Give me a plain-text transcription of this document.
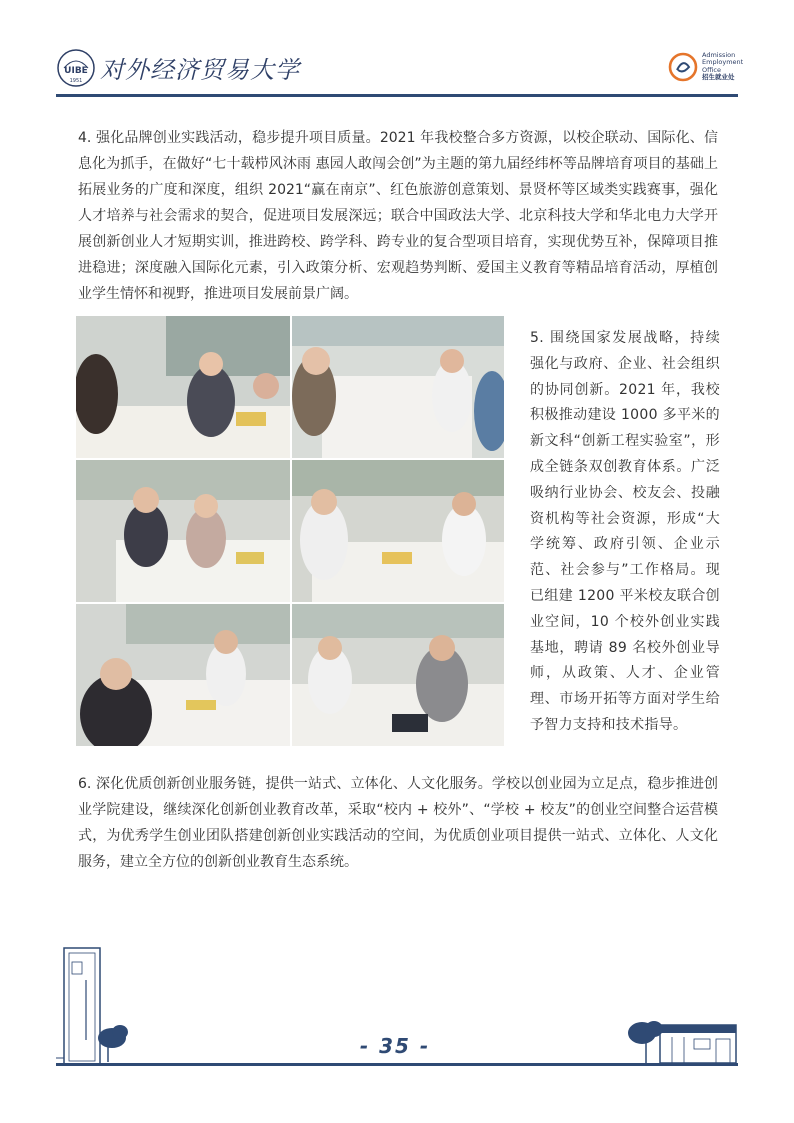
UIBE
1951 对外经济贸易大学
Admission
Employment
Office
招生就业处
4. 强化品牌创业实践活动，稳步提升项目质量。2021 年我校整合多方资源，以校企联动、国际化、信息化为抓手，在做好“七十载栉风沐雨 惠园人敢闯会创”为主题的第九届经纬杯等品牌培育项目的基础上拓展业务的广度和深度，组织 2021“赢在南京”、红色旅游创意策划、景贤杯等区域类实践赛事，强化人才培养与社会需求的契合，促进项目发展深远；联合中国政法大学、北京科技大学和华北电力大学开展创新创业人才短期实训，推进跨校、跨学科、跨专业的复合型项目培育，实现优势互补，保障项目推进稳进；深度融入国际化元素，引入政策分析、宏观趋势判断、爱国主义教育等精品培育活动，厚植创业学生情怀和视野，推进项目发展前景广阔。
5. 围绕国家发展战略，持续强化与政府、企业、社会组织的协同创新。2021 年，我校积极推动建设 1000 多平米的新文科“创新工程实验室”，形成全链条双创教育体系。广泛吸纳行业协会、校友会、投融资机构等社会资源，形成“大学统筹、政府引领、企业示范、社会参与”工作格局。现已组建 1200 平米校友联合创业空间，10 个校外创业实践基地，聘请 89 名校外创业导师，从政策、人才、企业管理、市场开拓等方面对学生给予智力支持和技术指导。
6. 深化优质创新创业服务链，提供一站式、立体化、人文化服务。学校以创业园为立足点，稳步推进创业学院建设，继续深化创新创业教育改革，采取“校内 + 校外”、“学校 + 校友”的创业空间整合运营模式，为优秀学生创业团队搭建创新创业实践活动的空间，为优质创业项目提供一站式、立体化、人文化服务，建立全方位的创新创业教育生态系统。
- 35 -
